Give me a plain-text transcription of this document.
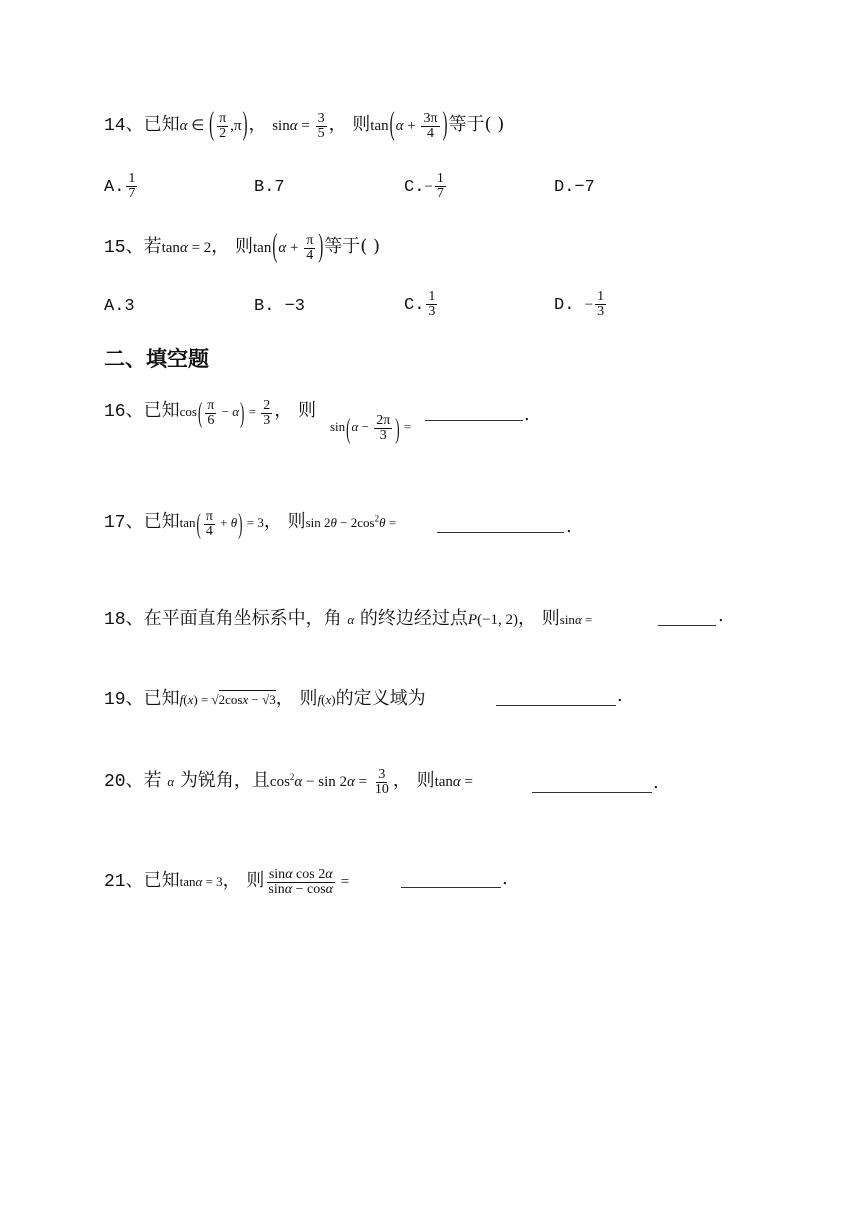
14、已知α ∈ ( $\frac{\pi}{2} ,\pi$)， $\sin\alpha = \frac{3}{5}$ ， 则$\tan(\alpha + \frac{3\pi}{4}$ )等于( )
A. $\frac{1}{7}$	B.7	$C.- \frac{1}{7}$	D.−7
15、若tanα = 2， 则$\tan(\alpha + \frac{\pi}{4}$ )等于( )
A.3	B. −3	C. $\frac{1}{3}$	D. − $\frac{1}{3}$
二、填空题
16、已知$\cos( \frac{\pi}{6} - \alpha) = \frac{2}{3}$ ， 则
$\sin(\alpha - \frac{2\pi}{3}$ ) =
.
17、已知$\tan( \frac{\pi}{4} + \theta) = 3$， 则$\sin 2\theta - 2\cos^2\theta$ =	.
18、在平面直角坐标系中，角 α 的终边经过点P(−1, 2)， 则sinα =	.
19、已知f(x) = √2cosx − √3， 则f(x)的定义域为	.
20、若 α 为锐角，且$\cos^2\alpha - \sin 2\alpha = \frac{3}{10}$ ， 则tanα =	.
21、已知tanα = 3， 则 $\frac{\text{sinα cos 2α}}{\sin\alpha - \cos\alpha}$ =	.
